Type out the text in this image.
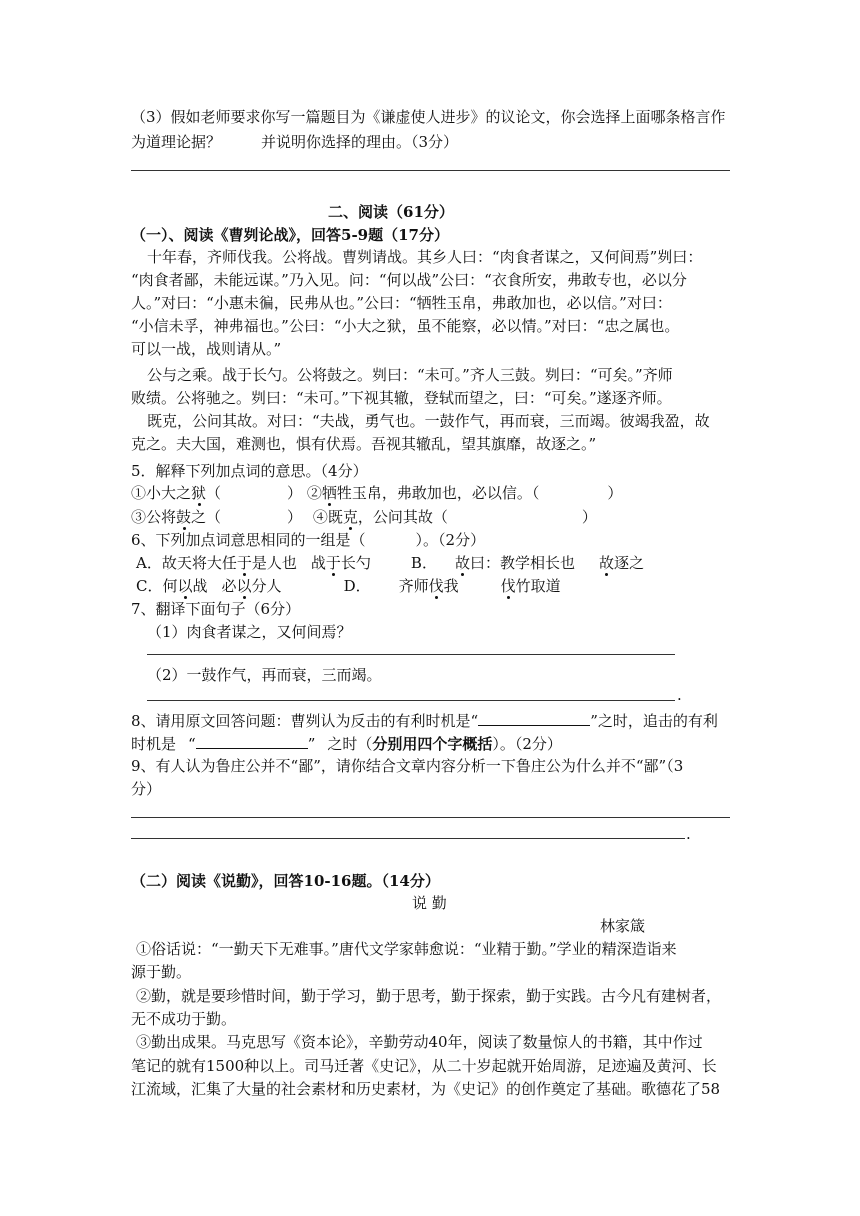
（3）假如老师要求你写一篇题目为《谦虚使人进步》的议论文，你会选择上面哪条格言作
为道理论据？	并说明你选择的理由。（3分）
二、阅读（61分）
（一）、阅读《曹刿论战》，回答5-9题（17分）
十年春，齐师伐我。公将战。曹刿请战。其乡人曰：“肉食者谋之，又何间焉”刿曰：
“肉食者鄙，未能远谋。”乃入见。问：“何以战”公曰：“衣食所安，弗敢专也，必以分
人。”对曰：“小惠未徧，民弗从也。”公曰：“牺牲玉帛，弗敢加也，必以信。”对曰：
“小信未孚，神弗福也。”公曰：“小大之狱，虽不能察，必以情。”对曰：“忠之属也。
可以一战，战则请从。”
公与之乘。战于长勺。公将鼓之。刿曰：“未可。”齐人三鼓。刿曰：“可矣。”齐师
败绩。公将驰之。刿曰：“未可。”下视其辙，登轼而望之，曰：“可矣。”遂逐齐师。
既克，公问其故。对曰：“夫战，勇气也。一鼓作气，再而衰，三而竭。彼竭我盈，故
克之。夫大国，难测也，惧有伏焉。吾视其辙乱，望其旗靡，故逐之。”
5．解释下列加点词的意思。（4分）
①小大之狱（	） ②牺牲玉帛，弗敢加也，必以信。（	）
③公将鼓之（	） ④既克，公问其故（	）
6、下列加点词意思相同的一组是（	）。（2分）
A．故天将大任于是人也 战于长勺	B． 故曰：教学相长也 故逐之
C．何以战 必以分人	D． 齐师伐我	伐竹取道
7、翻译下面句子（6分）
（1）肉食者谋之，又何间焉？
（2）一鼓作气，再而衰，三而竭。
.
8、请用原文回答问题：曹刿认为反击的有利时机是“	”之时，追击的有利
时机是 “	” 之时（分别用四个字概括）。（2分）
9、有人认为鲁庄公并不“鄙”，请你结合文章内容分析一下鲁庄公为什么并不“鄙”（3
分）
.
（二）阅读《说勤》，回答10-16题。（14分）
说 勤
林家箴
①俗话说：“一勤天下无难事。”唐代文学家韩愈说：“业精于勤。”学业的精深造诣来
源于勤。
②勤，就是要珍惜时间，勤于学习，勤于思考，勤于探索，勤于实践。古今凡有建树者，
无不成功于勤。
③勤出成果。马克思写《资本论》，辛勤劳动40年，阅读了数量惊人的书籍，其中作过
笔记的就有1500种以上。司马迁著《史记》，从二十岁起就开始周游，足迹遍及黄河、长
江流域，汇集了大量的社会素材和历史素材，为《史记》的创作奠定了基础。歌德花了58
